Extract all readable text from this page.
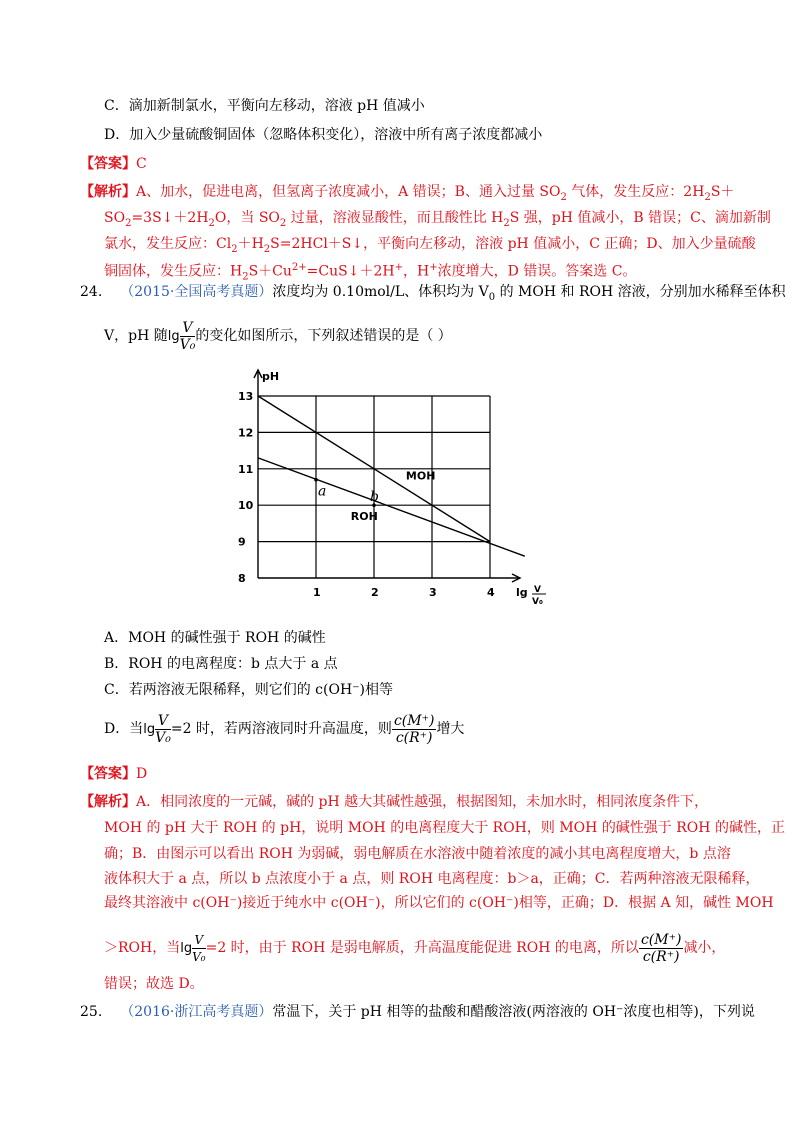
C．滴加新制氯水，平衡向左移动，溶液 pH 值减小
D．加入少量硫酸铜固体（忽略体积变化），溶液中所有离子浓度都减小
【答案】C
【解析】A、加水，促进电离，但氢离子浓度减小，A 错误；B、通入过量 $SO_2$ 气体，发生反应：$2H_2S+$
$SO_2=3S↓+2H_2O$，当 $SO_2$ 过量，溶液显酸性，而且酸性比 $H_2S$ 强，pH 值减小，B 错误；C、滴加新制
氯水，发生反应：$Cl_2+H_2S=2HCl+S↓$，平衡向左移动，溶液 pH 值减小，C 正确；D、加入少量硫酸
铜固体，发生反应：$H_2S+Cu^{2+}=CuS↓+2H^+$，H+浓度增大，D 错误。答案选 C。
24. （2015·全国高考真题）浓度均为 0.10mol/L、体积均为 $V_0$ 的 MOH 和 ROH 溶液，分别加水稀释至体积
V，pH 随$\lg \frac{V}{\text{V₀}}$ 的变化如图所示，下列叙述错误的是（ ）
8
9
10
11
12
13
1	2	3	4
pH
lg V
V₀
MOH
ROH
a	b
A．MOH 的碱性强于 ROH 的碱性
B．ROH 的电离程度：b 点大于 a 点
C．若两溶液无限稀释，则它们的 c(OH⁻)相等
D．当$\lg \frac{V}{\text{V₀}} =2$ 时，若两溶液同时升高温度，则 $\frac{c(M^+)}{c(R^+)}$ 增大
【答案】D
【解析】A．相同浓度的一元碱，碱的 pH 越大其碱性越强，根据图知，未加水时，相同浓度条件下，
MOH 的 pH 大于 ROH 的 pH，说明 MOH 的电离程度大于 ROH，则 MOH 的碱性强于 ROH 的碱性，正
确；B．由图示可以看出 ROH 为弱碱，弱电解质在水溶液中随着浓度的减小其电离程度增大，b 点溶
液体积大于 a 点，所以 b 点浓度小于 a 点，则 ROH 电离程度：b＞a，正确；C．若两种溶液无限稀释，
最终其溶液中 c(OH⁻)接近于纯水中 c(OH⁻)，所以它们的 c(OH⁻)相等，正确；D．根据 A 知，碱性 MOH
＞ROH，当$\lg \frac{V}{\text{V₀}} =2$ 时，由于 ROH 是弱电解质，升高温度能促进 ROH 的电离，所以 $\frac{c(M^+)}{c(R^+)}$ 减小，
错误；故选 D。
25. （2016·浙江高考真题）常温下，关于 pH 相等的盐酸和醋酸溶液(两溶液的 OH⁻浓度也相等)，下列说
